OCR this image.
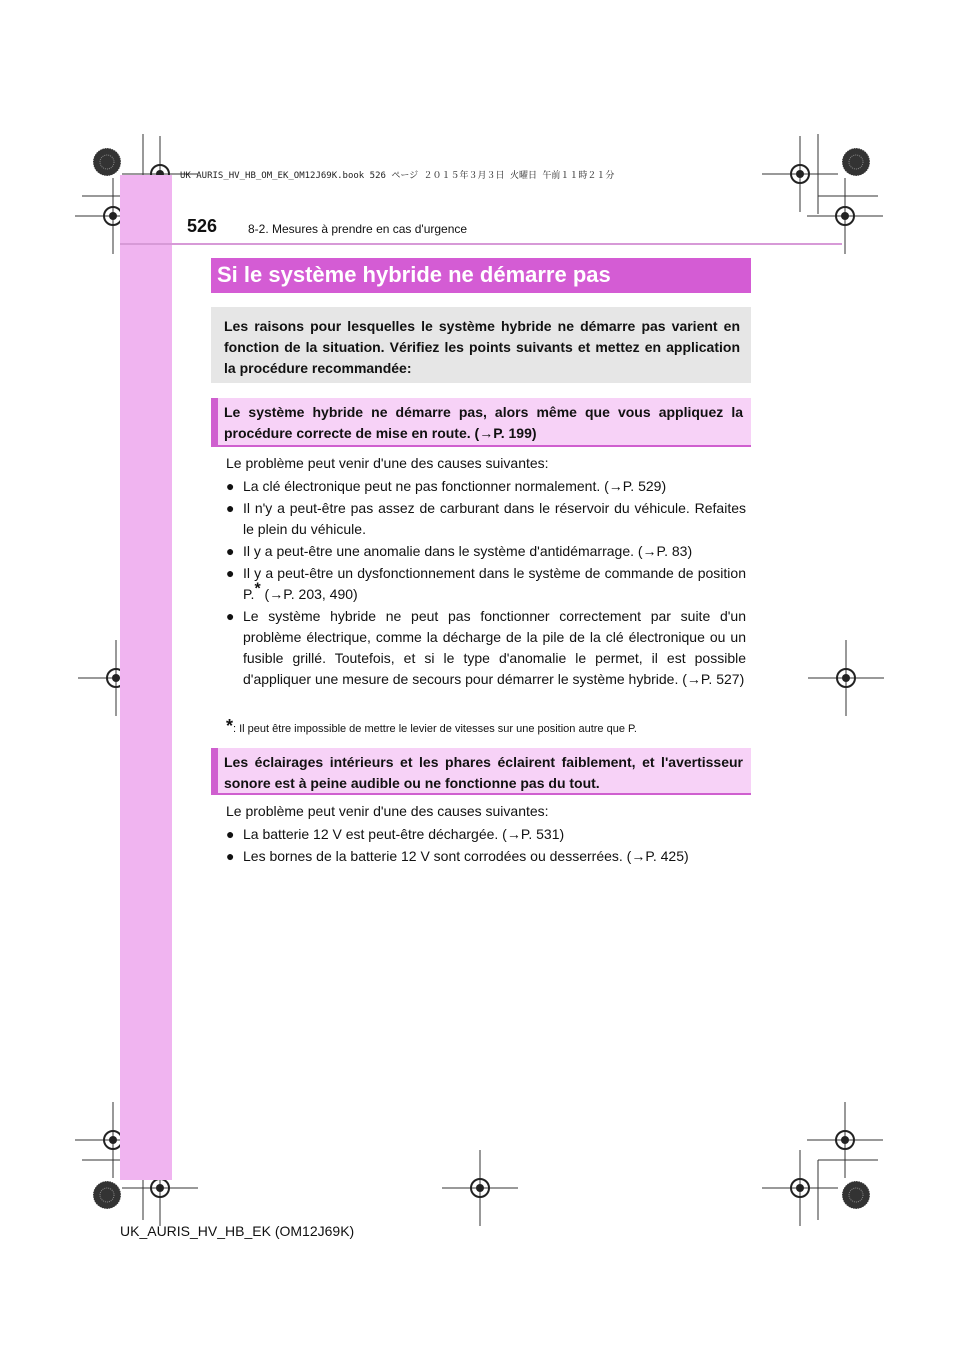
UK AURIS_HV_HB_OM_EK_OM12J69K.book 526 ページ ２０１５年３月３日 火曜日 午前１１時２１分
526	8-2. Mesures à prendre en cas d'urgence
Si le système hybride ne démarre pas
Les raisons pour lesquelles le système hybride ne démarre pas varient en fonction de la situation. Vérifiez les points suivants et mettez en application la procédure recommandée:
Le système hybride ne démarre pas, alors même que vous appliquez la procédure correcte de mise en route. (→P. 199)
Le problème peut venir d'une des causes suivantes:
● La clé électronique peut ne pas fonctionner normalement. (→P. 529)
● Il n'y a peut-être pas assez de carburant dans le réservoir du véhicule. Refaites le plein du véhicule.
● Il y a peut-être une anomalie dans le système d'antidémarrage. (→P. 83)
● Il y a peut-être un dysfonctionnement dans le système de commande de position P.* (→P. 203, 490)
● Le système hybride ne peut pas fonctionner correctement par suite d'un problème électrique, comme la décharge de la pile de la clé électronique ou un fusible grillé. Toutefois, et si le type d'anomalie le permet, il est possible d'appliquer une mesure de secours pour démarrer le système hybride. (→P. 527)
*: Il peut être impossible de mettre le levier de vitesses sur une position autre que P.
Les éclairages intérieurs et les phares éclairent faiblement, et l'avertisseur sonore est à peine audible ou ne fonctionne pas du tout.
Le problème peut venir d'une des causes suivantes:
● La batterie 12 V est peut-être déchargée. (→P. 531)
● Les bornes de la batterie 12 V sont corrodées ou desserrées. (→P. 425)
UK_AURIS_HV_HB_EK (OM12J69K)
